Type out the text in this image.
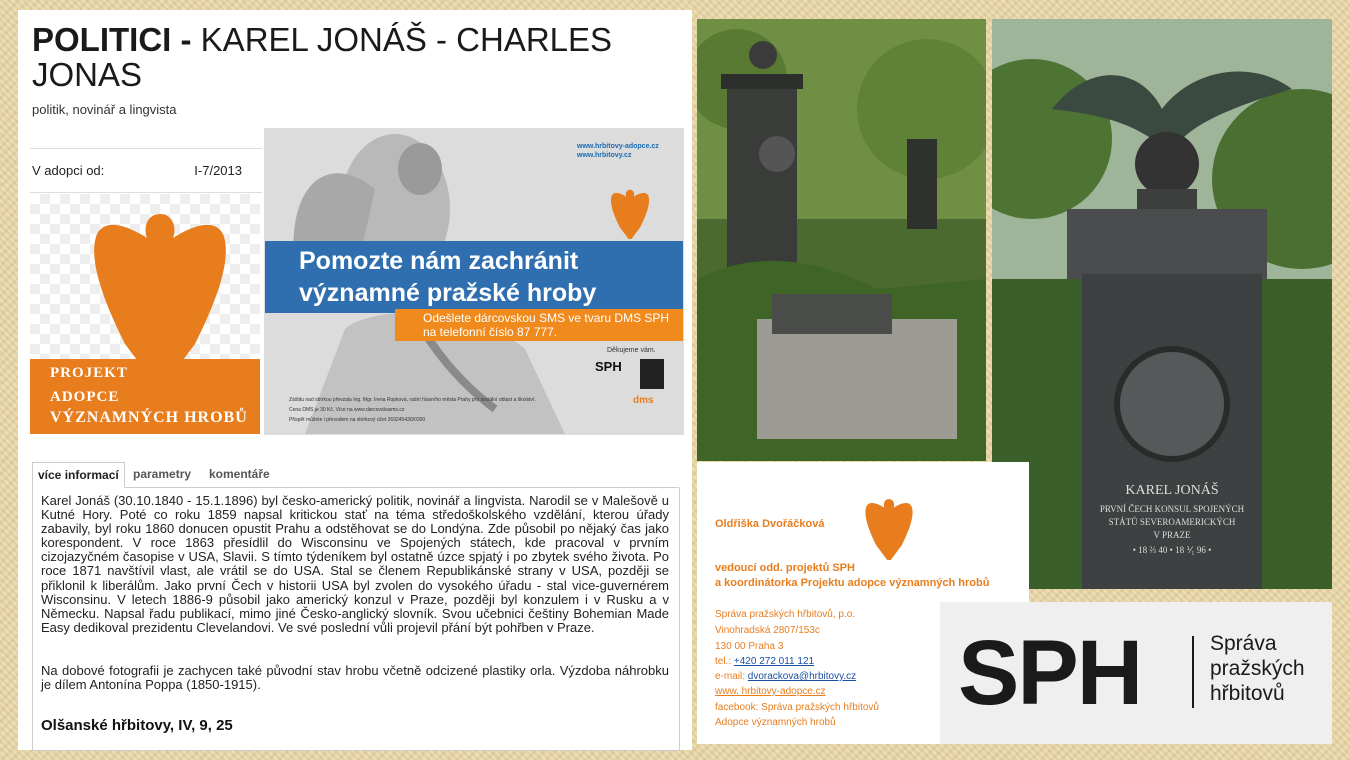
POLITICI - KAREL JONÁŠ - CHARLES JONAS
politik, novinář a lingvista
V adopci od:	I-7/2013
PROJEKT
ADOPCE
VÝZNAMNÝCH HROBŮ
www.hrbitovy-adopce.cz
www.hrbitovy.cz
Pomozte nám zachránit
významné pražské hroby
Odešlete dárcovskou SMS ve tvaru DMS SPH
na telefonní číslo 87 777.
Děkujeme vám.
SPH
Záštitu nad sbírkou převzala Ing. Mgr. Irena Ropková, radní hlavního města Prahy pro sociální oblast a školství.
Cena DMS je 30 Kč. Více na www.darcovskasms.cz
Přispět můžete i převodem na sbírkový účet 269245430/0300
dms
více informací	parametry	komentáře
Karel Jonáš (30.10.1840 - 15.1.1896) byl česko-americký politik, novinář a lingvista. Narodil se v Malešově u Kutné Hory. Poté co roku 1859 napsal kritickou stať na téma středoškolského vzdělání, kterou úřady zabavily, byl roku 1860 donucen opustit Prahu a odstěhovat se do Londýna. Zde působil po nějaký čas jako korespondent. V roce 1863 přesídlil do Wisconsinu ve Spojených státech, kde pracoval v prvním cizojazyčném časopise v USA, Slavii. S tímto týdeníkem byl ostatně úzce spjatý i po zbytek svého života. Po roce 1871 navštívil vlast, ale vrátil se do USA. Stal se členem Republikánské strany v USA, později se přiklonil k liberálům. Jako první Čech v historii USA byl zvolen do vysokého úřadu - stal vice-guvernérem Wisconsinu. V letech 1886-9 působil jako americký konzul v Praze, později byl konzulem i v Rusku a v Německu. Napsal řadu publikací, mimo jiné Česko-anglický slovník. Svou učebnici češtiny Bohemian Made Easy dedikoval prezidentu Clevelandovi. Ve své poslední vůli projevil přání být pohřben v Praze.
Na dobové fotografii je zachycen také původní stav hrobu včetně odcizené plastiky orla. Výzdoba náhrobku je dílem Antonína Poppa (1850-1915).
Olšanské hřbitovy, IV, 9, 25
KAREL JONÁŠ
PRVNÍ ČECH KONSUL SPOJENÝCH
STÁTŮ SEVEROAMERICKÝCH
V PRAZE
• 18 ⅔ 40 • 18 ⅟₁ 96 •
Oldřiška Dvořáčková
vedoucí odd. projektů SPH
a koordinátorka Projektu adopce významných hrobů
Správa pražských hřbitovů, p.o.
Vinohradská 2807/153c
130 00 Praha 3
tel.: +420 272 011 121
e-mail: dvorackova@hrbitovy.cz
www. hrbitovy-adopce.cz
facebook: Správa pražských hřbitovů
Adopce významných hrobů SPH	Správa
pražských
hřbitovů
